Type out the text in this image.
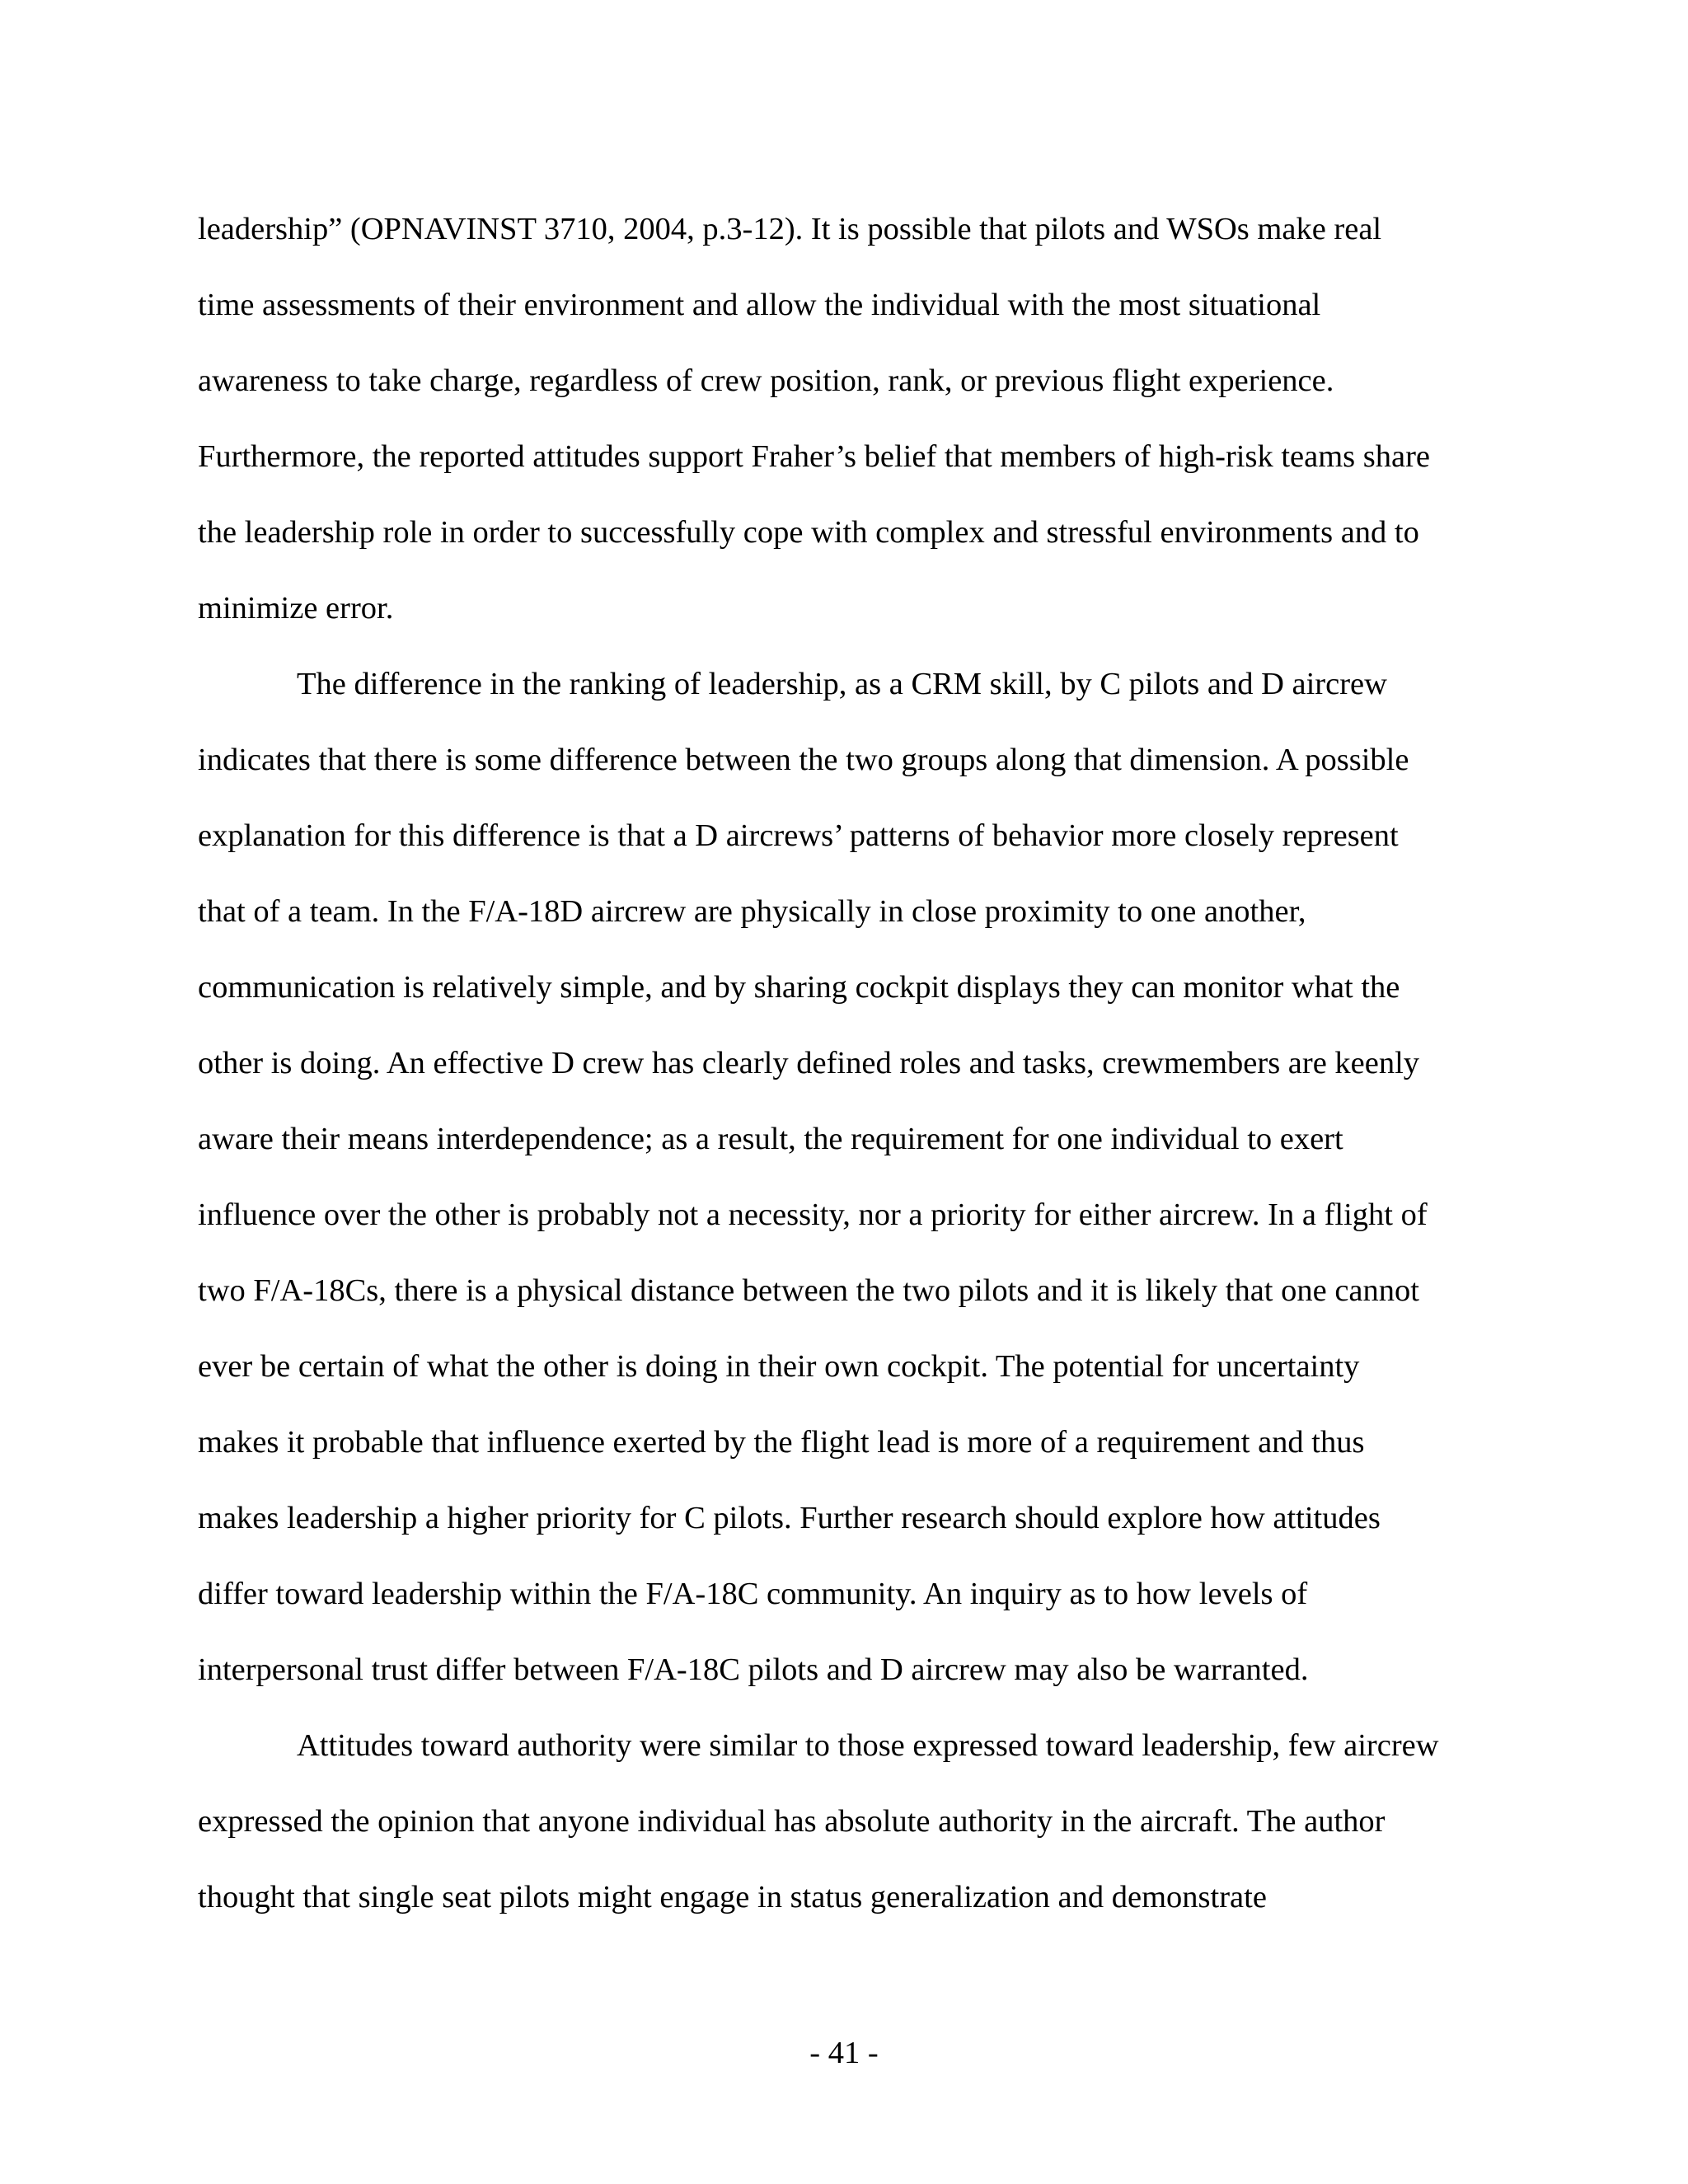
leadership” (OPNAVINST 3710, 2004, p.3-12). It is possible that pilots and WSOs make real
time assessments of their environment and allow the individual with the most situational
awareness to take charge, regardless of crew position, rank, or previous flight experience.
Furthermore, the reported attitudes support Fraher’s belief that members of high-risk teams share
the leadership role in order to successfully cope with complex and stressful environments and to
minimize error.

The difference in the ranking of leadership, as a CRM skill, by C pilots and D aircrew
indicates that there is some difference between the two groups along that dimension. A possible
explanation for this difference is that a D aircrews’ patterns of behavior more closely represent
that of a team. In the F/A-18D aircrew are physically in close proximity to one another,
communication is relatively simple, and by sharing cockpit displays they can monitor what the
other is doing. An effective D crew has clearly defined roles and tasks, crewmembers are keenly
aware their means interdependence; as a result, the requirement for one individual to exert
influence over the other is probably not a necessity, nor a priority for either aircrew. In a flight of
two F/A-18Cs, there is a physical distance between the two pilots and it is likely that one cannot
ever be certain of what the other is doing in their own cockpit. The potential for uncertainty
makes it probable that influence exerted by the flight lead is more of a requirement and thus
makes leadership a higher priority for C pilots. Further research should explore how attitudes
differ toward leadership within the F/A-18C community. An inquiry as to how levels of
interpersonal trust differ between F/A-18C pilots and D aircrew may also be warranted.

Attitudes toward authority were similar to those expressed toward leadership, few aircrew
expressed the opinion that anyone individual has absolute authority in the aircraft. The author
thought that single seat pilots might engage in status generalization and demonstrate

- 41 -
